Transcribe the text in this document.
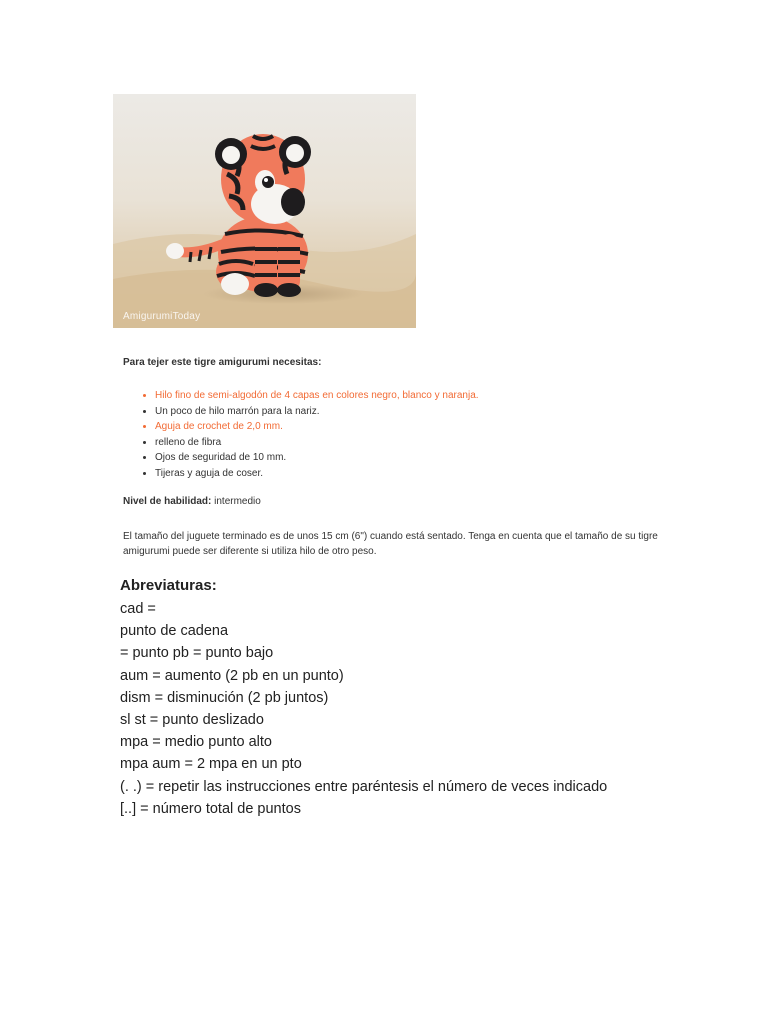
AmigurumiToday

Para tejer este tigre amigurumi necesitas:

• Hilo fino de semi-algodón de 4 capas en colores negro, blanco y naranja.
• Un poco de hilo marrón para la nariz.
• Aguja de crochet de 2,0 mm.
• relleno de fibra
• Ojos de seguridad de 10 mm.
• Tijeras y aguja de coser.

Nivel de habilidad: intermedio

El tamaño del juguete terminado es de unos 15 cm (6") cuando está sentado. Tenga en cuenta que el tamaño de su tigre amigurumi puede ser diferente si utiliza hilo de otro peso.

Abreviaturas:

cad =

punto de cadena

= punto pb = punto bajo

aum = aumento (2 pb en un punto)

dism = disminución (2 pb juntos)

sl st = punto deslizado

mpa = medio punto alto

mpa aum = 2 mpa en un pto

(. .) = repetir las instrucciones entre paréntesis el número de veces indicado

[..] = número total de puntos
